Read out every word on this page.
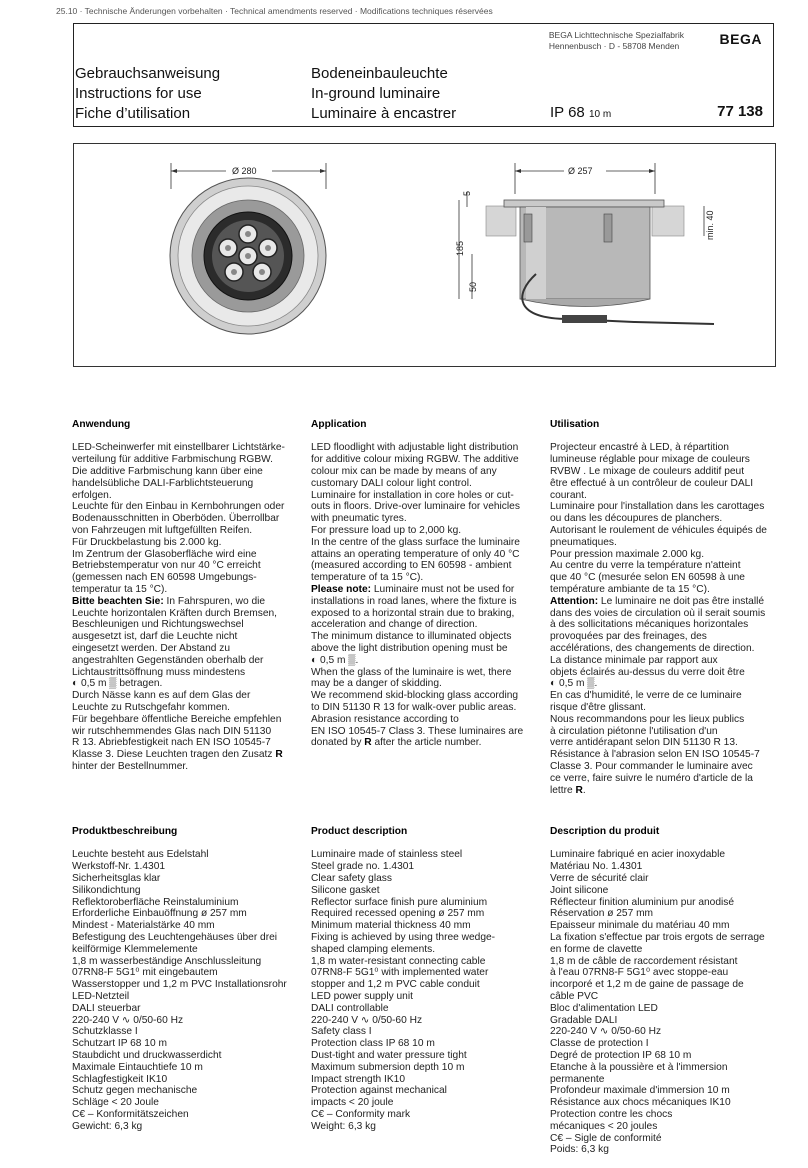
25.10 · Technische Änderungen vorbehalten · Technical amendments reserved · Modifications techniques réservées
BEGA Lichttechnische Spezialfabrik
Hennenbusch · D - 58708 Menden	BEGA
Gebrauchsanweisung
Instructions for use
Fiche d’utilisation
Bodeneinbauleuchte
In-ground luminaire
Luminaire à encastrer	IP 68 10 m	77 138
Ø 280	Ø 257
5
185
50
min. 40

Anwendung

LED-Scheinwerfer mit einstellbarer Lichtstärke-
verteilung für additive Farbmischung RGBW.
Die additive Farbmischung kann über eine
handelsübliche DALI-Farblichtsteuerung
erfolgen.
Leuchte für den Einbau in Kernbohrungen oder
Bodenausschnitten in Oberböden. Überrollbar
von Fahrzeugen mit luftgefüllten Reifen.
Für Druckbelastung bis 2.000 kg.
Im Zentrum der Glasoberfläche wird eine
Betriebstemperatur von nur 40 °C erreicht
(gemessen nach EN 60598 Umgebungs-
temperatur ta 15 °C).
Bitte beachten Sie: In Fahrspuren, wo die
Leuchte horizontalen Kräften durch Bremsen,
Beschleunigen und Richtungswechsel
ausgesetzt ist, darf die Leuchte nicht
eingesetzt werden. Der Abstand zu
angestrahlten Gegenständen oberhalb der
Lichtaustrittsöffnung muss mindestens
◐ 0,5 m ▒ betragen.
Durch Nässe kann es auf dem Glas der
Leuchte zu Rutschgefahr kommen.
Für begehbare öffentliche Bereiche empfehlen
wir rutschhemmendes Glas nach DIN 51130
R 13. Abriebfestigkeit nach EN ISO 10545-7
Klasse 3. Diese Leuchten tragen den Zusatz R
hinter der Bestellnummer.

Application

LED floodlight with adjustable light distribution
for additive colour mixing RGBW. The additive
colour mix can be made by means of any
customary DALI colour light control.
Luminaire for installation in core holes or cut-
outs in floors. Drive-over luminaire for vehicles
with pneumatic tyres.
For pressure load up to 2,000 kg.
In the centre of the glass surface the luminaire
attains an operating temperature of only 40 °C
(measured according to EN 60598 - ambient
temperature of ta 15 °C).
Please note: Luminaire must not be used for
installations in road lanes, where the fixture is
exposed to a horizontal strain due to braking,
acceleration and change of direction.
The minimum distance to illuminated objects
above the light distribution opening must be
◐ 0,5 m ▒.
When the glass of the luminaire is wet, there
may be a danger of skidding.
We recommend skid-blocking glass according
to DIN 51130 R 13 for walk-over public areas.
Abrasion resistance according to
EN ISO 10545-7 Class 3. These luminaires are
donated by R after the article number.

Utilisation

Projecteur encastré à LED, à répartition
lumineuse réglable pour mixage de couleurs
RVBW . Le mixage de couleurs additif peut
être effectué à un contrôleur de couleur DALI
courant.
Luminaire pour l'installation dans les carottages
ou dans les découpures de planchers.
Autorisant le roulement de véhicules équipés de
pneumatiques.
Pour pression maximale 2.000 kg.
Au centre du verre la température n'atteint
que 40 °C (mesurée selon EN 60598 à une
température ambiante de ta 15 °C).
Attention: Le luminaire ne doit pas être installé
dans des voies de circulation où il serait soumis
à des sollicitations mécaniques horizontales
provoquées par des freinages, des
accélérations, des changements de direction.
La distance minimale par rapport aux
objets éclairés au-dessus du verre doit être
◐ 0,5 m ▒.
En cas d'humidité, le verre de ce luminaire
risque d'être glissant.
Nous recommandons pour les lieux publics
à circulation piétonne l'utilisation d'un
verre antidérapant selon DIN 51130 R 13.
Résistance à l'abrasion selon EN ISO 10545-7
Classe 3. Pour commander le luminaire avec
ce verre, faire suivre le numéro d'article de la
lettre R.

Produktbeschreibung

Leuchte besteht aus Edelstahl
Werkstoff-Nr. 1.4301
Sicherheitsglas klar
Silikondichtung
Reflektoroberfläche Reinstaluminium
Erforderliche Einbauöffnung ø 257 mm
Mindest - Materialstärke 40 mm
Befestigung des Leuchtengehäuses über drei
keilförmige Klemmelemente
1,8 m wasserbeständige Anschlussleitung
07RN8-F 5G1⁰ mit eingebautem
Wasserstopper und 1,2 m PVC Installationsrohr
LED-Netzteil
DALI steuerbar
220-240 V ∿ 0/50-60 Hz
Schutzklasse I
Schutzart IP 68 10 m
Staubdicht und druckwasserdicht
Maximale Eintauchtiefe 10 m
Schlagfestigkeit IK10
Schutz gegen mechanische
Schläge < 20 Joule
C€ – Konformitätszeichen
Gewicht: 6,3 kg

Product description

Luminaire made of stainless steel
Steel grade no. 1.4301
Clear safety glass
Silicone gasket
Reflector surface finish pure aluminium
Required recessed opening ø 257 mm
Minimum material thickness 40 mm
Fixing is achieved by using three wedge-
shaped clamping elements.
1,8 m water-resistant connecting cable
07RN8-F 5G1⁰ with implemented water
stopper and 1,2 m PVC cable conduit
LED power supply unit
DALI controllable
220-240 V ∿ 0/50-60 Hz
Safety class I
Protection class IP 68 10 m
Dust-tight and water pressure tight
Maximum submersion depth 10 m
Impact strength IK10
Protection against mechanical
impacts < 20 joule
C€ – Conformity mark
Weight: 6,3 kg

Description du produit

Luminaire fabriqué en acier inoxydable
Matériau No. 1.4301
Verre de sécurité clair
Joint silicone
Réflecteur finition aluminium pur anodisé
Réservation ø 257 mm
Epaisseur minimale du matériau 40 mm
La fixation s'effectue par trois ergots de serrage
en forme de clavette
1,8 m de câble de raccordement résistant
à l'eau 07RN8-F 5G1⁰ avec stoppe-eau
incorporé et 1,2 m de gaine de passage de
câble PVC
Bloc d'alimentation LED
Gradable DALI
220-240 V ∿ 0/50-60 Hz
Classe de protection I
Degré de protection IP 68 10 m
Etanche à la poussière et à l'immersion
permanente
Profondeur maximale d'immersion 10 m
Résistance aux chocs mécaniques IK10
Protection contre les chocs
mécaniques < 20 joules
C€ – Sigle de conformité
Poids: 6,3 kg
